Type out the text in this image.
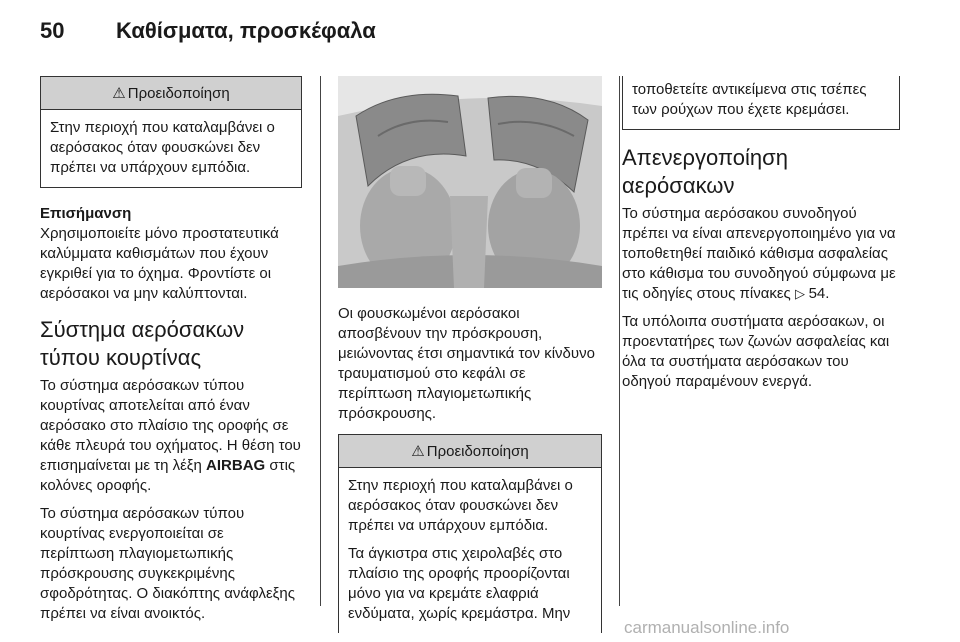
50 Καθίσματα, προσκέφαλα
⚠ Προειδοποίηση

Στην περιοχή που καταλαμβάνει ο αερόσακος όταν φουσκώνει δεν πρέπει να υπάρχουν εμπόδια.

Επισήμανση

Χρησιμοποιείτε μόνο προστατευτικά καλύμματα καθισμάτων που έχουν εγκριθεί για το όχημα. Φροντίστε οι αερόσακοι να μην καλύπτονται.

Σύστημα αερόσακων τύπου κουρτίνας

Το σύστημα αερόσακων τύπου κουρτίνας αποτελείται από έναν αερόσακο στο πλαίσιο της οροφής σε κάθε πλευρά του οχήματος. Η θέση του επισημαίνεται με τη λέξη AIRBAG στις κολόνες οροφής.

Το σύστημα αερόσακων τύπου κουρτίνας ενεργοποιείται σε περίπτωση πλαγιομετωπικής πρόσκρουσης συγκεκριμένης σφοδρότητας. Ο διακόπτης ανάφλεξης πρέπει να είναι ανοικτός.

Οι φουσκωμένοι αερόσακοι αποσβένουν την πρόσκρουση, μειώνοντας έτσι σημαντικά τον κίνδυνο τραυματισμού στο κεφάλι σε περίπτωση πλαγιομετωπικής πρόσκρουσης.

⚠ Προειδοποίηση

Στην περιοχή που καταλαμβάνει ο αερόσακος όταν φουσκώνει δεν πρέπει να υπάρχουν εμπόδια.

Τα άγκιστρα στις χειρολαβές στο πλαίσιο της οροφής προορίζονται μόνο για να κρεμάτε ελαφριά ενδύματα, χωρίς κρεμάστρα. Μην

τοποθετείτε αντικείμενα στις τσέπες των ρούχων που έχετε κρεμάσει.

Απενεργοποίηση αερόσακων

Το σύστημα αερόσακου συνοδηγού πρέπει να είναι απενεργοποιημένο για να τοποθετηθεί παιδικό κάθισμα ασφαλείας στο κάθισμα του συνοδηγού σύμφωνα με τις οδηγίες στους πίνακες ▷ 54.

Τα υπόλοιπα συστήματα αερόσακων, οι προεντατήρες των ζωνών ασφαλείας και όλα τα συστήματα αερόσακων του οδηγού παραμένουν ενεργά.

carmanualsonline.info
